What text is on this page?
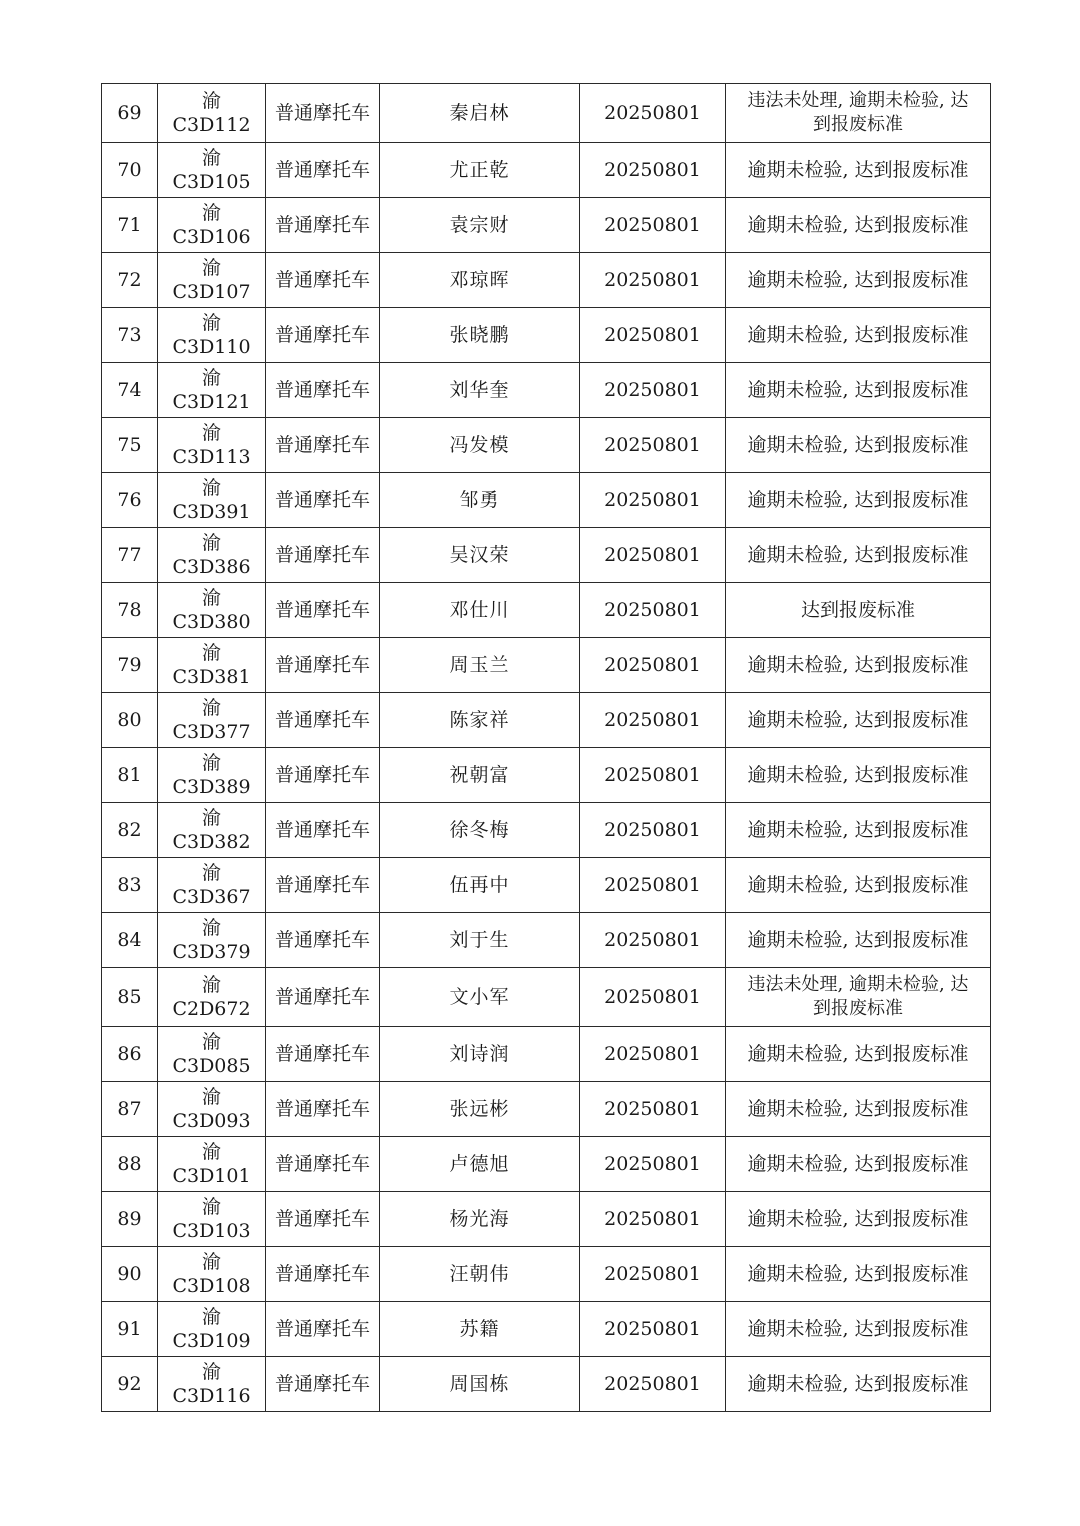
69	渝 C3D112	普通摩托车	秦启林	20250801	违法未处理, 逾期未检验, 达
到报废标准

70	渝 C3D105	普通摩托车	尤正乾	20250801	逾期未检验, 达到报废标准
71	渝 C3D106	普通摩托车	袁宗财	20250801	逾期未检验, 达到报废标准
72	渝 C3D107	普通摩托车	邓琼晖	20250801	逾期未检验, 达到报废标准
73	渝 C3D110	普通摩托车	张晓鹏	20250801	逾期未检验, 达到报废标准
74	渝 C3D121	普通摩托车	刘华奎	20250801	逾期未检验, 达到报废标准
75	渝 C3D113	普通摩托车	冯发模	20250801	逾期未检验, 达到报废标准
76	渝 C3D391	普通摩托车	邹勇	20250801	逾期未检验, 达到报废标准
77	渝 C3D386	普通摩托车	吴汉荣	20250801	逾期未检验, 达到报废标准
78	渝 C3D380	普通摩托车	邓仕川	20250801	达到报废标准
79	渝 C3D381	普通摩托车	周玉兰	20250801	逾期未检验, 达到报废标准
80	渝 C3D377	普通摩托车	陈家祥	20250801	逾期未检验, 达到报废标准
81	渝 C3D389	普通摩托车	祝朝富	20250801	逾期未检验, 达到报废标准
82	渝 C3D382	普通摩托车	徐冬梅	20250801	逾期未检验, 达到报废标准
83	渝 C3D367	普通摩托车	伍再中	20250801	逾期未检验, 达到报废标准
84	渝 C3D379	普通摩托车	刘于生	20250801	逾期未检验, 达到报废标准
85	渝 C2D672	普通摩托车	文小军	20250801	违法未处理, 逾期未检验, 达
到报废标准

86	渝 C3D085	普通摩托车	刘诗润	20250801	逾期未检验, 达到报废标准
87	渝 C3D093	普通摩托车	张远彬	20250801	逾期未检验, 达到报废标准
88	渝 C3D101	普通摩托车	卢德旭	20250801	逾期未检验, 达到报废标准
89	渝 C3D103	普通摩托车	杨光海	20250801	逾期未检验, 达到报废标准
90	渝 C3D108	普通摩托车	汪朝伟	20250801	逾期未检验, 达到报废标准
91	渝 C3D109	普通摩托车	苏籍	20250801	逾期未检验, 达到报废标准
92	渝 C3D116	普通摩托车	周国栋	20250801	逾期未检验, 达到报废标准
